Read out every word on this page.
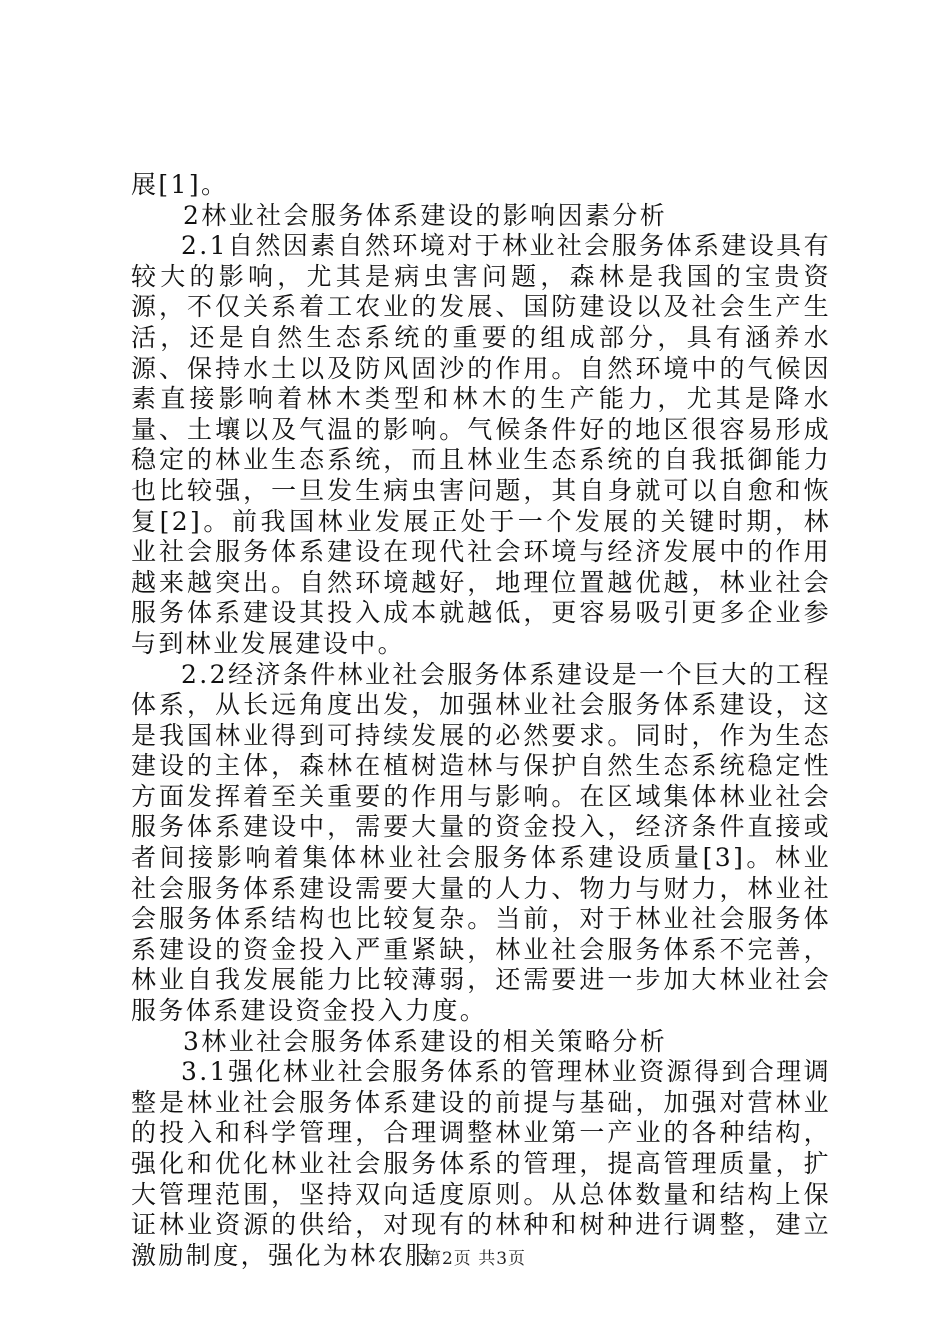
展[1]。

2林业社会服务体系建设的影响因素分析

2.1自然因素自然环境对于林业社会服务体系建设具有较大的影响，尤其是病虫害问题，森林是我国的宝贵资源，不仅关系着工农业的发展、国防建设以及社会生产生活，还是自然生态系统的重要的组成部分，具有涵养水源、保持水土以及防风固沙的作用。自然环境中的气候因素直接影响着林木类型和林木的生产能力，尤其是降水量、土壤以及气温的影响。气候条件好的地区很容易形成稳定的林业生态系统，而且林业生态系统的自我抵御能力也比较强，一旦发生病虫害问题，其自身就可以自愈和恢复[2]。前我国林业发展正处于一个发展的关键时期，林业社会服务体系建设在现代社会环境与经济发展中的作用越来越突出。自然环境越好，地理位置越优越，林业社会服务体系建设其投入成本就越低，更容易吸引更多企业参与到林业发展建设中。

2.2经济条件林业社会服务体系建设是一个巨大的工程体系，从长远角度出发，加强林业社会服务体系建设，这是我国林业得到可持续发展的必然要求。同时，作为生态建设的主体，森林在植树造林与保护自然生态系统稳定性方面发挥着至关重要的作用与影响。在区域集体林业社会服务体系建设中，需要大量的资金投入，经济条件直接或者间接影响着集体林业社会服务体系建设质量[3]。林业社会服务体系建设需要大量的人力、物力与财力，林业社会服务体系结构也比较复杂。当前，对于林业社会服务体系建设的资金投入严重紧缺，林业社会服务体系不完善，林业自我发展能力比较薄弱，还需要进一步加大林业社会服务体系建设资金投入力度。

3林业社会服务体系建设的相关策略分析

3.1强化林业社会服务体系的管理林业资源得到合理调整是林业社会服务体系建设的前提与基础，加强对营林业的投入和科学管理，合理调整林业第一产业的各种结构，强化和优化林业社会服务体系的管理，提高管理质量，扩大管理范围，坚持双向适度原则。从总体数量和结构上保证林业资源的供给，对现有的林种和树种进行调整，建立激励制度，强化为林农服

第2页 共3页
